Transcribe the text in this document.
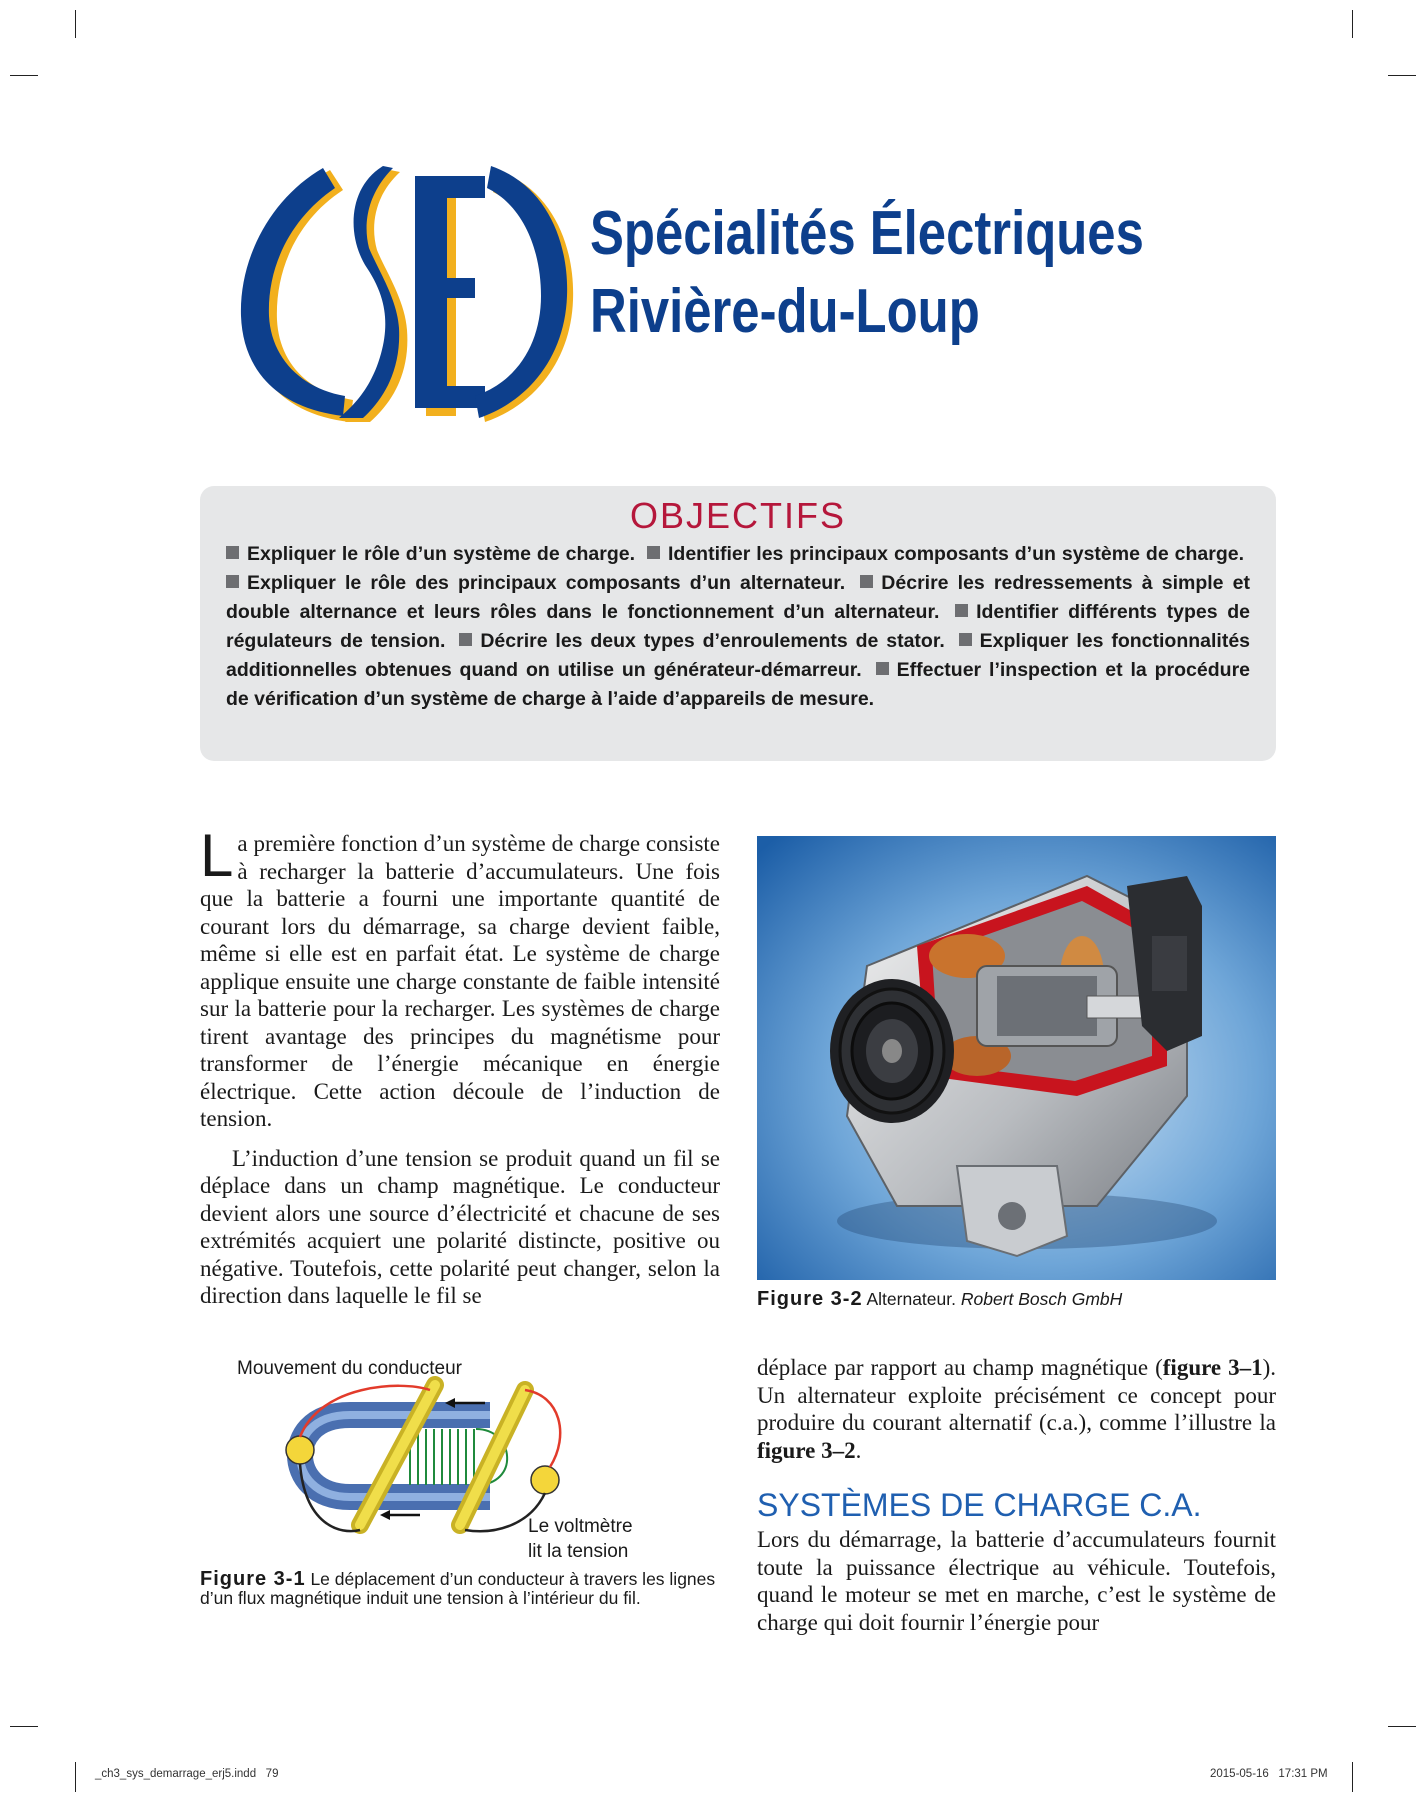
Spécialités Électriques
Rivière-du-Loup
OBJECTIFS
Expliquer le rôle d’un système de charge. Identifier les principaux composants d’un système de charge. Expliquer le rôle des principaux composants d’un alternateur. Décrire les redressements à simple et double alternance et leurs rôles dans le fonctionnement d’un alternateur. Identifier différents types de régulateurs de tension. Décrire les deux types d’enroulements de stator. Expliquer les fonctionnalités additionnelles obtenues quand on utilise un générateur-démarreur. Effectuer l’inspection et la procédure de vérification d’un système de charge à l’aide d’appareils de mesure.

La première fonction d’un système de charge consiste à recharger la batterie d’accumulateurs. Une fois que la batterie a fourni une importante quantité de courant lors du démarrage, sa charge devient faible, même si elle est en parfait état. Le système de charge applique ensuite une charge constante de faible intensité sur la batterie pour la recharger. Les systèmes de charge tirent avantage des principes du magnétisme pour transformer de l’énergie mécanique en énergie électrique. Cette action découle de l’induction de tension.

L’induction d’une tension se produit quand un fil se déplace dans un champ magnétique. Le conducteur devient alors une source d’électricité et chacune de ses extrémités acquiert une polarité distincte, positive ou négative. Toutefois, cette polarité peut changer, selon la direction dans laquelle le fil se	Figure 3-2 Alternateur. Robert Bosch GmbH
Mouvement du conducteur
Le voltmètre
lit la tension
Figure 3-1 Le déplacement d’un conducteur à travers les lignes d’un flux magnétique induit une tension à l’intérieur du fil.

déplace par rapport au champ magnétique (figure 3–1). Un alternateur exploite précisément ce concept pour produire du courant alternatif (c.a.), comme l’illustre la figure 3–2.

SYSTÈMES DE CHARGE C.A.

Lors du démarrage, la batterie d’accumulateurs fournit toute la puissance électrique au véhicule. Toutefois, quand le moteur se met en marche, c’est le système de charge qui doit fournir l’énergie pour

_ch3_sys_demarrage_erj5.indd   79	2015-05-16   17:31 PM
